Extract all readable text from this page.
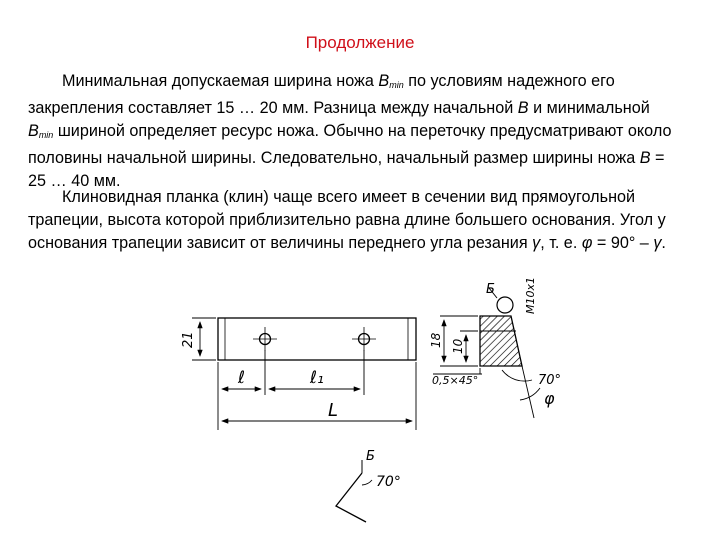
Продолжение

Минимальная допускаемая ширина ножа $B_{min}$ по условиям надежного его закрепления составляет 15 … 20 мм. Разница между начальной B и минимальной $B_{min}$ шириной определяет ресурс ножа. Обычно на переточку предусматривают около половины начальной ширины. Следовательно, начальный размер ширины ножа B = 25 … 40 мм.

Клиновидная планка (клин) чаще всего имеет в сечении вид прямоугольной трапеции, высота которой приблизительно равна длине большего основания. Угол у основания трапеции зависит от величины переднего угла резания γ, т. е. φ = 90° – γ.

21
ℓ	ℓ₁
L
Б	M10x1
18 10
0,5×45°	70°
φ
Б
70°
